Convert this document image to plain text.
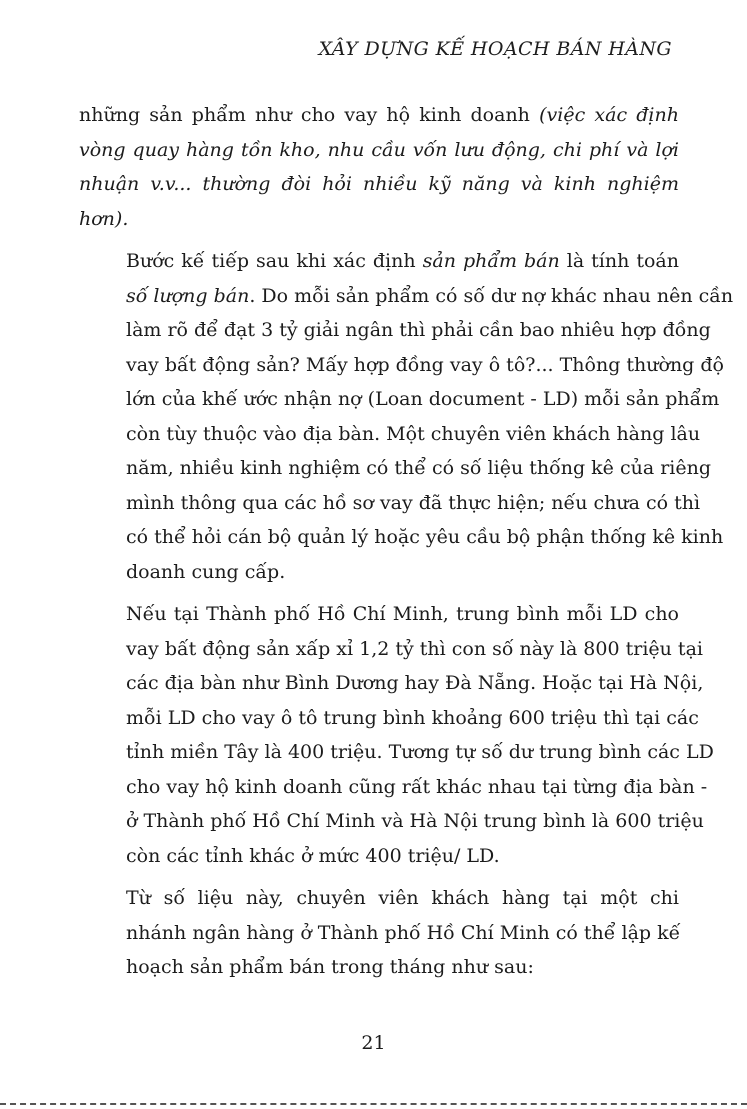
XÂY DỰNG KẾ HOẠCH BÁN HÀNG

những sản phẩm như cho vay hộ kinh doanh (việc xác định
vòng quay hàng tồn kho, nhu cầu vốn lưu động, chi phí và lợi
nhuận v.v... thường đòi hỏi nhiều kỹ năng và kinh nghiệm
hơn).

Bước kế tiếp sau khi xác định sản phẩm bán là tính toán
số lượng bán. Do mỗi sản phẩm có số dư nợ khác nhau nên cần
làm rõ để đạt 3 tỷ giải ngân thì phải cần bao nhiêu hợp đồng
vay bất động sản? Mấy hợp đồng vay ô tô?... Thông thường độ
lớn của khế ước nhận nợ (Loan document - LD) mỗi sản phẩm
còn tùy thuộc vào địa bàn. Một chuyên viên khách hàng lâu
năm, nhiều kinh nghiệm có thể có số liệu thống kê của riêng
mình thông qua các hồ sơ vay đã thực hiện; nếu chưa có thì
có thể hỏi cán bộ quản lý hoặc yêu cầu bộ phận thống kê kinh
doanh cung cấp.

Nếu tại Thành phố Hồ Chí Minh, trung bình mỗi LD cho
vay bất động sản xấp xỉ 1,2 tỷ thì con số này là 800 triệu tại
các địa bàn như Bình Dương hay Đà Nẵng. Hoặc tại Hà Nội,
mỗi LD cho vay ô tô trung bình khoảng 600 triệu thì tại các
tỉnh miền Tây là 400 triệu. Tương tự số dư trung bình các LD
cho vay hộ kinh doanh cũng rất khác nhau tại từng địa bàn -
ở Thành phố Hồ Chí Minh và Hà Nội trung bình là 600 triệu
còn các tỉnh khác ở mức 400 triệu/ LD.

Từ số liệu này, chuyên viên khách hàng tại một chi
nhánh ngân hàng ở Thành phố Hồ Chí Minh có thể lập kế
hoạch sản phẩm bán trong tháng như sau:

21
